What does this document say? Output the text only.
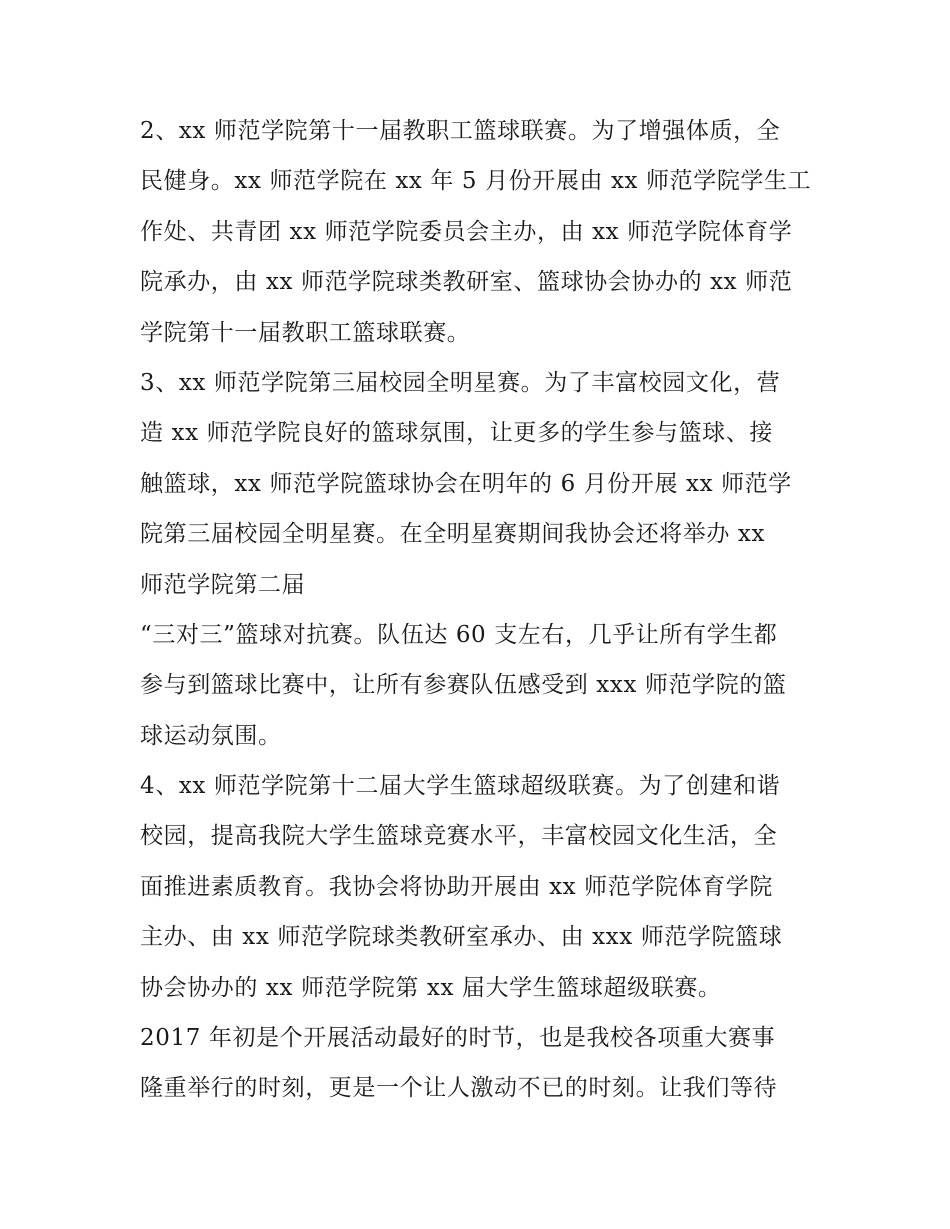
2、xx 师范学院第十一届教职工篮球联赛。为了增强体质，全
民健身。xx 师范学院在 xx 年 5 月份开展由 xx 师范学院学生工
作处、共青团 xx 师范学院委员会主办，由 xx 师范学院体育学
院承办，由 xx 师范学院球类教研室、篮球协会协办的 xx 师范
学院第十一届教职工篮球联赛。
3、xx 师范学院第三届校园全明星赛。为了丰富校园文化，营
造 xx 师范学院良好的篮球氛围，让更多的学生参与篮球、接
触篮球，xx 师范学院篮球协会在明年的 6 月份开展 xx 师范学
院第三届校园全明星赛。在全明星赛期间我协会还将举办 xx
师范学院第二届
“三对三”篮球对抗赛。队伍达 60 支左右，几乎让所有学生都
参与到篮球比赛中，让所有参赛队伍感受到 xxx 师范学院的篮
球运动氛围。
4、xx 师范学院第十二届大学生篮球超级联赛。为了创建和谐
校园，提高我院大学生篮球竞赛水平，丰富校园文化生活，全
面推进素质教育。我协会将协助开展由 xx 师范学院体育学院
主办、由 xx 师范学院球类教研室承办、由 xxx 师范学院篮球
协会协办的 xx 师范学院第 xx 届大学生篮球超级联赛。
2017 年初是个开展活动最好的时节，也是我校各项重大赛事
隆重举行的时刻，更是一个让人激动不已的时刻。让我们等待
